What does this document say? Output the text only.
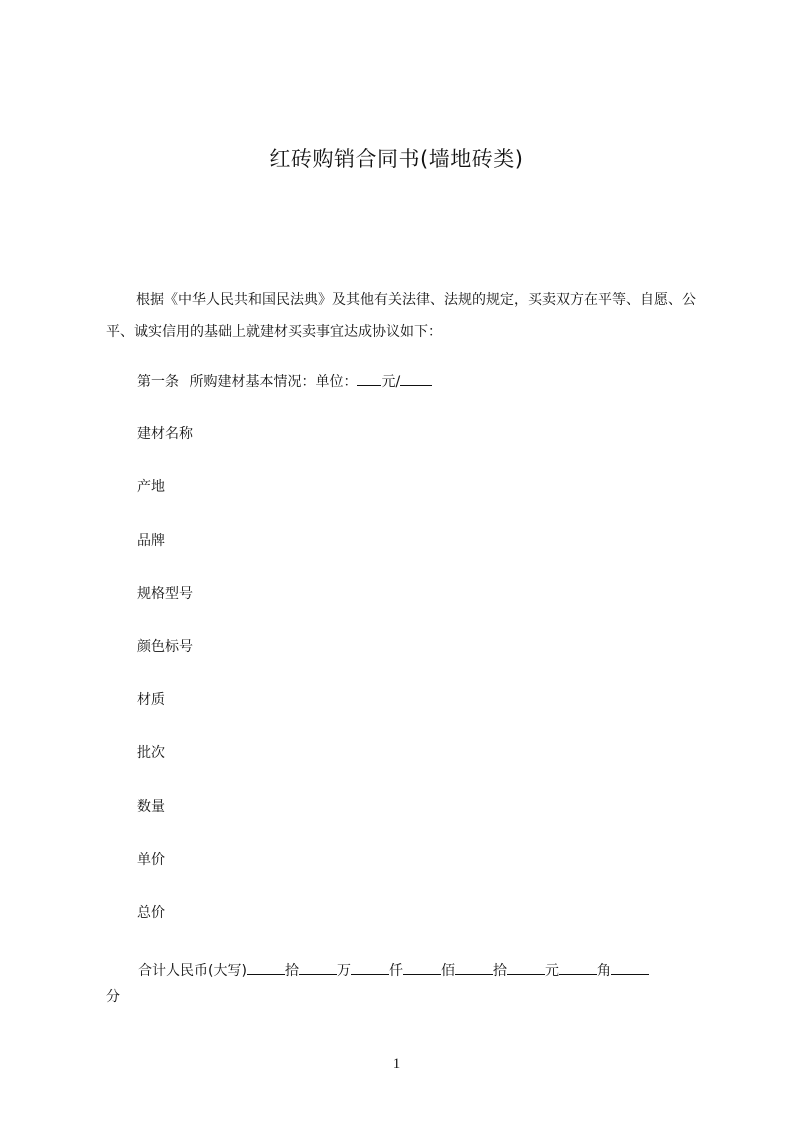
红砖购销合同书(墙地砖类)
根据《中华人民共和国民法典》及其他有关法律、法规的规定，买卖双方在平等、自愿、公平、诚实信用的基础上就建材买卖事宜达成协议如下：
第一条 所购建材基本情况：单位： 元/
建材名称
产地
品牌
规格型号
颜色标号
材质
批次
数量
单价
总价
合计人民币(大写)	拾	万	仟	佰	拾	元	角
分
1
